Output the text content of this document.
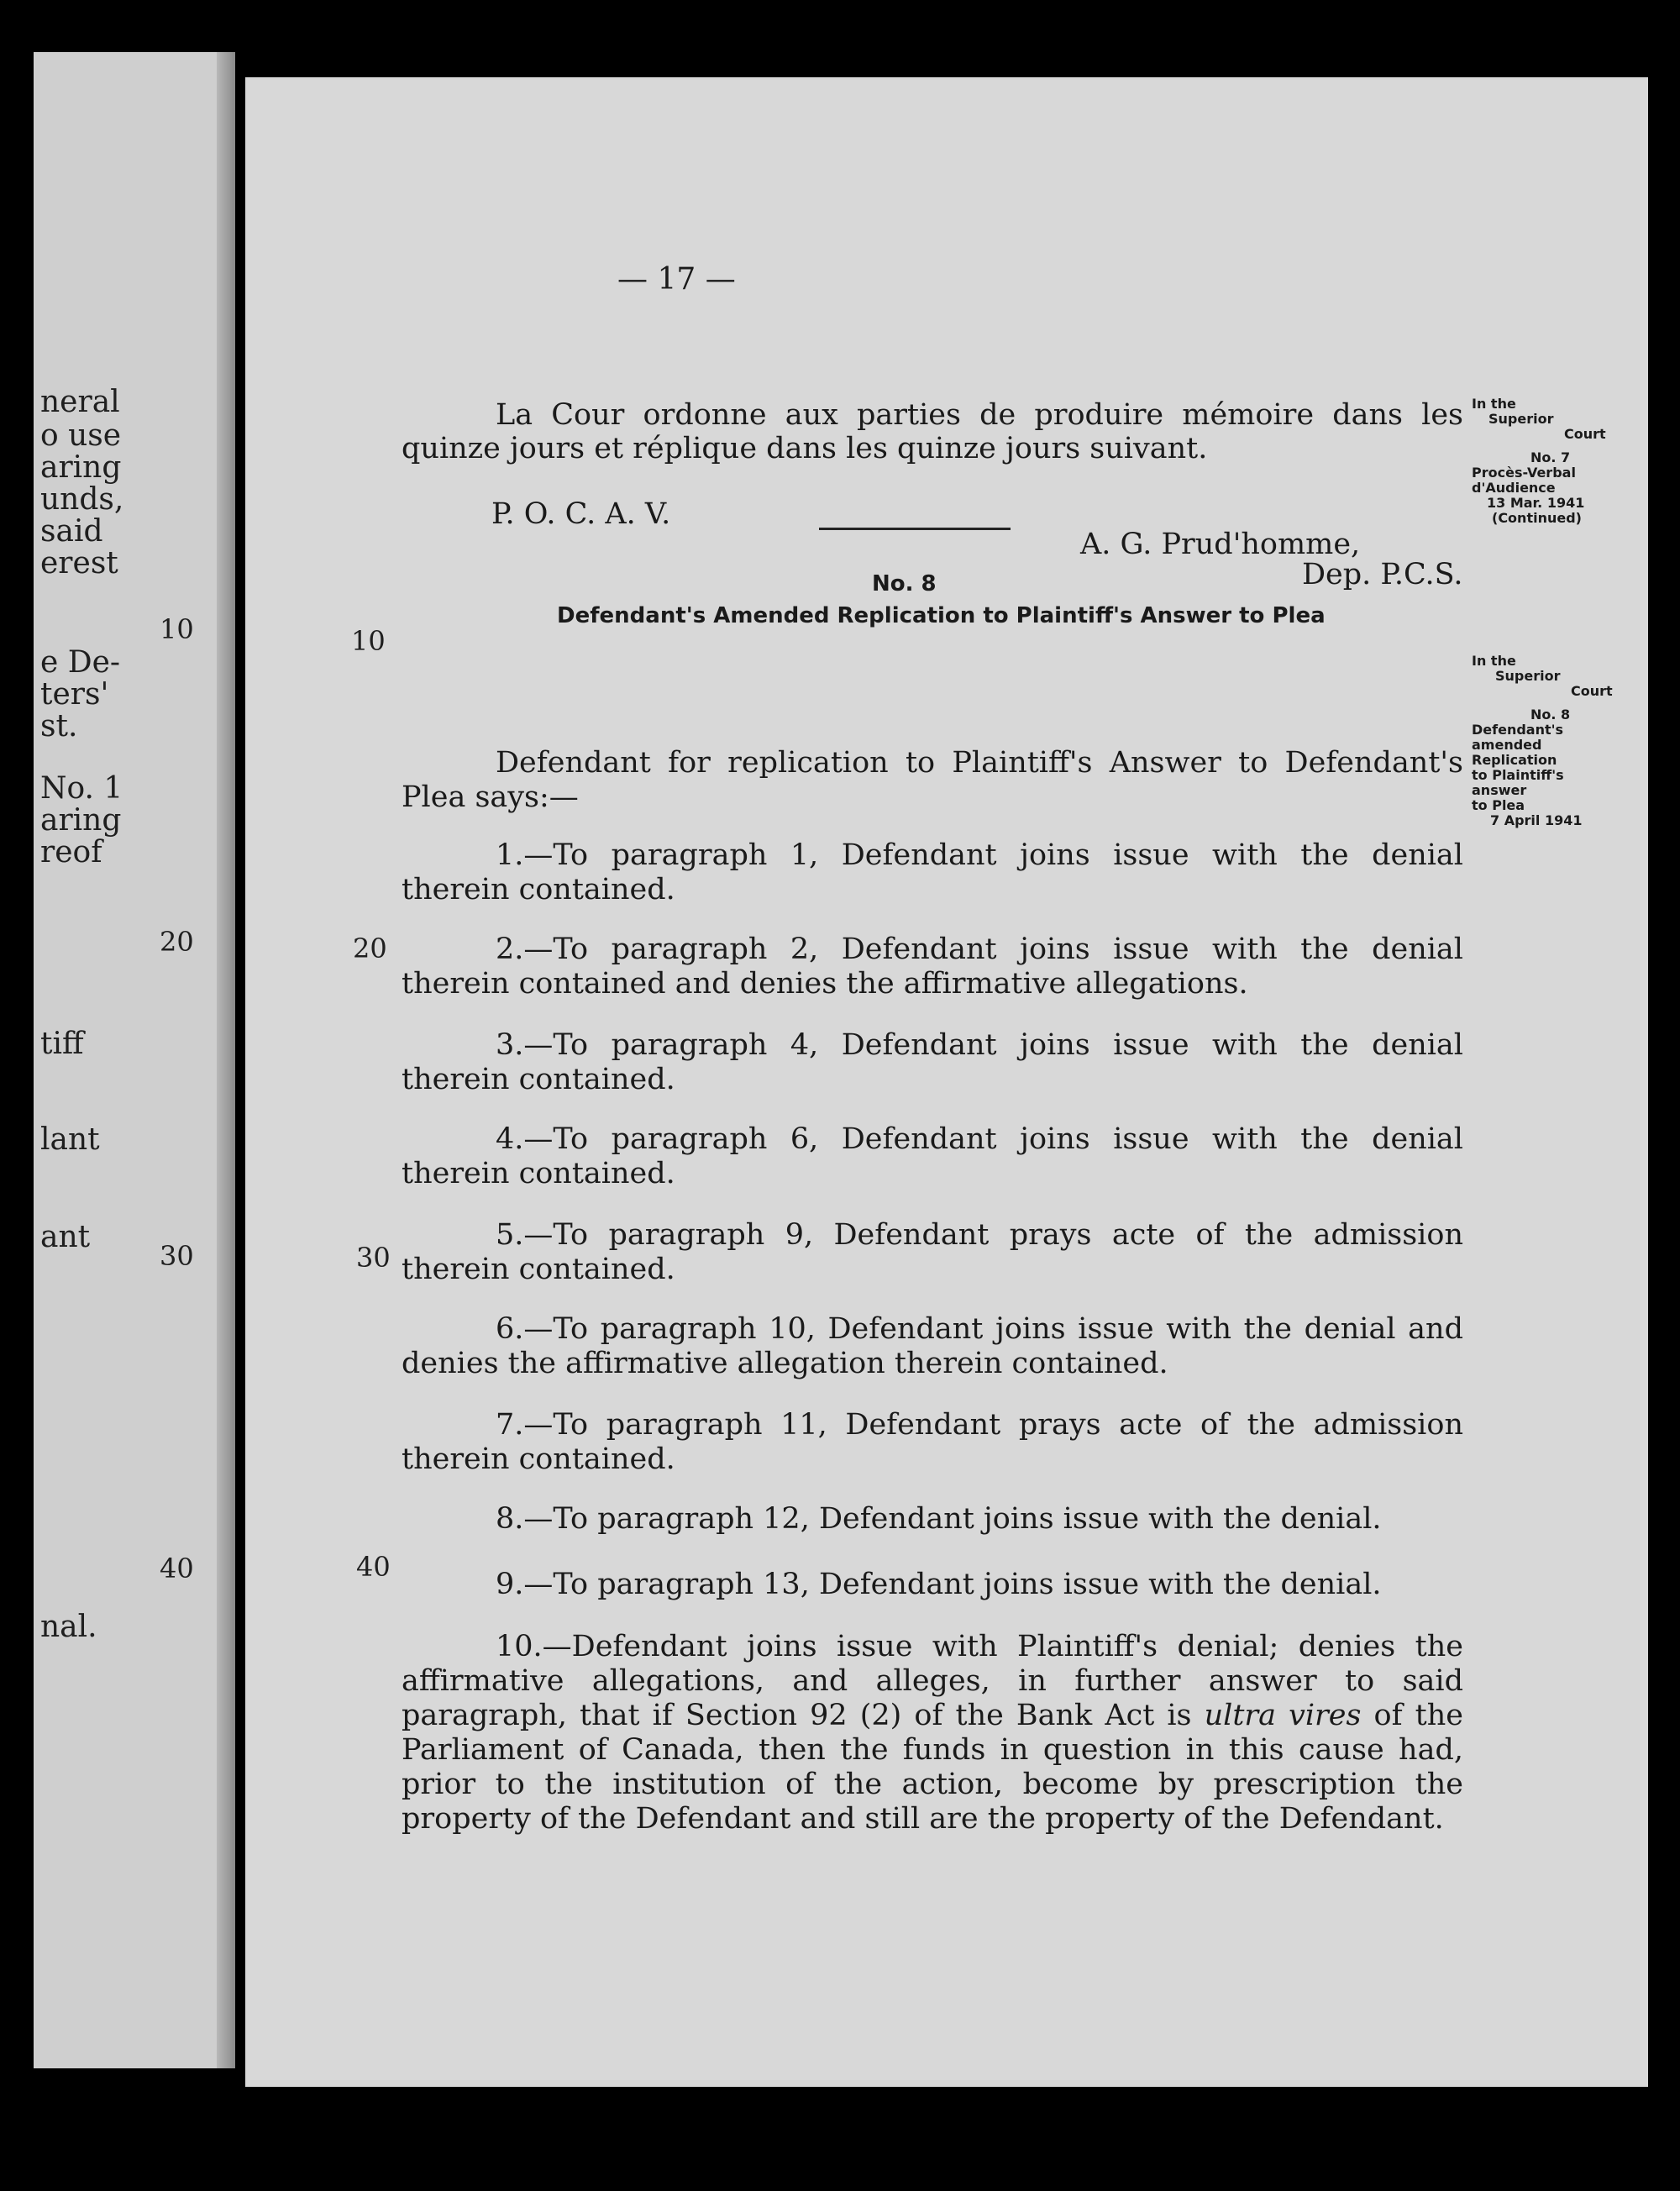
neral
o use
aring
unds,
said
erest
10
e De-
ters'
st.
No. 1
aring
reof
20
tiff
lant
ant
30
40
nal.
— 17 —
La Cour ordonne aux parties de produire mémoire dans les quinze jours et réplique dans les quinze jours suivant.
P. O. C. A. V.
A. G. Prud'homme,
Dep. P.C.S.
10
20
30
40
No. 8
Defendant's Amended Replication to Plaintiff's Answer to Plea
Defendant for replication to Plaintiff's Answer to Defendant's Plea says:—
1.—To paragraph 1, Defendant joins issue with the denial therein contained.
2.—To paragraph 2, Defendant joins issue with the denial therein contained and denies the affirmative allegations.
3.—To paragraph 4, Defendant joins issue with the denial therein contained.
4.—To paragraph 6, Defendant joins issue with the denial therein contained.
5.—To paragraph 9, Defendant prays acte of the admission therein contained.
6.—To paragraph 10, Defendant joins issue with the denial and denies the affirmative allegation therein contained.
7.—To paragraph 11, Defendant prays acte of the admission therein contained.
8.—To paragraph 12, Defendant joins issue with the denial.
9.—To paragraph 13, Defendant joins issue with the denial.
10.—Defendant joins issue with Plaintiff's denial; denies the affirmative allegations, and alleges, in further answer to said paragraph, that if Section 92 (2) of the Bank Act is ultra vires of the Parliament of Canada, then the funds in question in this cause had, prior to the institution of the action, become by prescription the property of the Defendant and still are the property of the Defendant.
In the
Superior
Court
No. 7
Procès-Verbal
d'Audience
13 Mar. 1941
(Continued)
In the
Superior
Court
No. 8
Defendant's
amended
Replication
to Plaintiff's
answer
to Plea
7 April 1941
